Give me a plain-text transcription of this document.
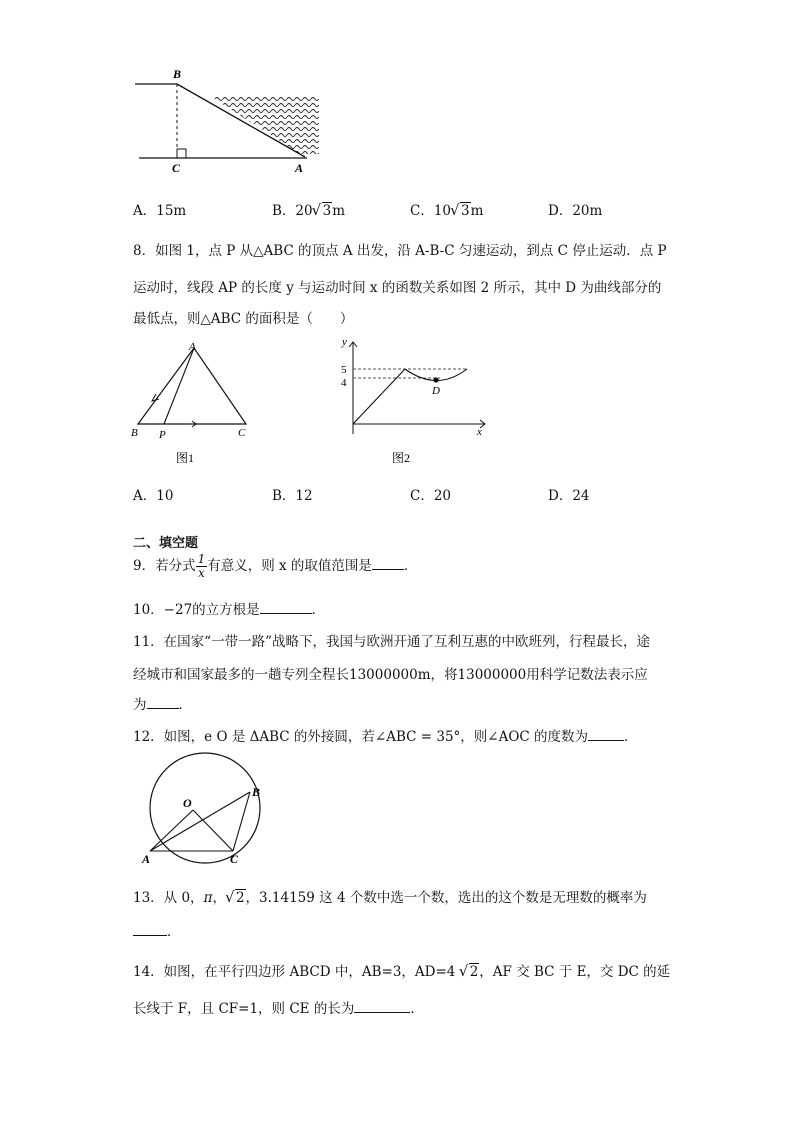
B
C	A
A．15m	B．20 √ 3m	C．10 √ 3m	D．20m
8．如图 1，点 P 从△ABC 的顶点 A 出发，沿 A-B-C 匀速运动，到点 C 停止运动．点 P
运动时，线段 AP 的长度 y 与运动时间 x 的函数关系如图 2 所示，其中 D 为曲线部分的
最低点，则△ABC 的面积是（　　）
A
B P	C
图1
y
5
4
D
x
图2
A．10	B．12	C．20	D．24
二、填空题
9．若分式 $\frac{1}{x}$ 有意义，则 x 的取值范围是 ．
10．−27的立方根是	．
11．在国家“一带一路”战略下，我国与欧洲开通了互利互惠的中欧班列，行程最长，途
经城市和国家最多的一趟专列全程长13000000m，将13000000用科学记数法表示应
为 ．
12．如图，e O 是 ΔABC 的外接圆，若∠ABC = 35°，则∠AOC 的度数为	．
O
B
A	C
13．从 0，π， √ 2，3.14159 这 4 个数中选一个数，选出的这个数是无理数的概率为
．
14．如图，在平行四边形 ABCD 中，AB=3，AD=4 √ 2，AF 交 BC 于 E，交 DC 的延
长线于 F，且 CF=1，则 CE 的长为	．
